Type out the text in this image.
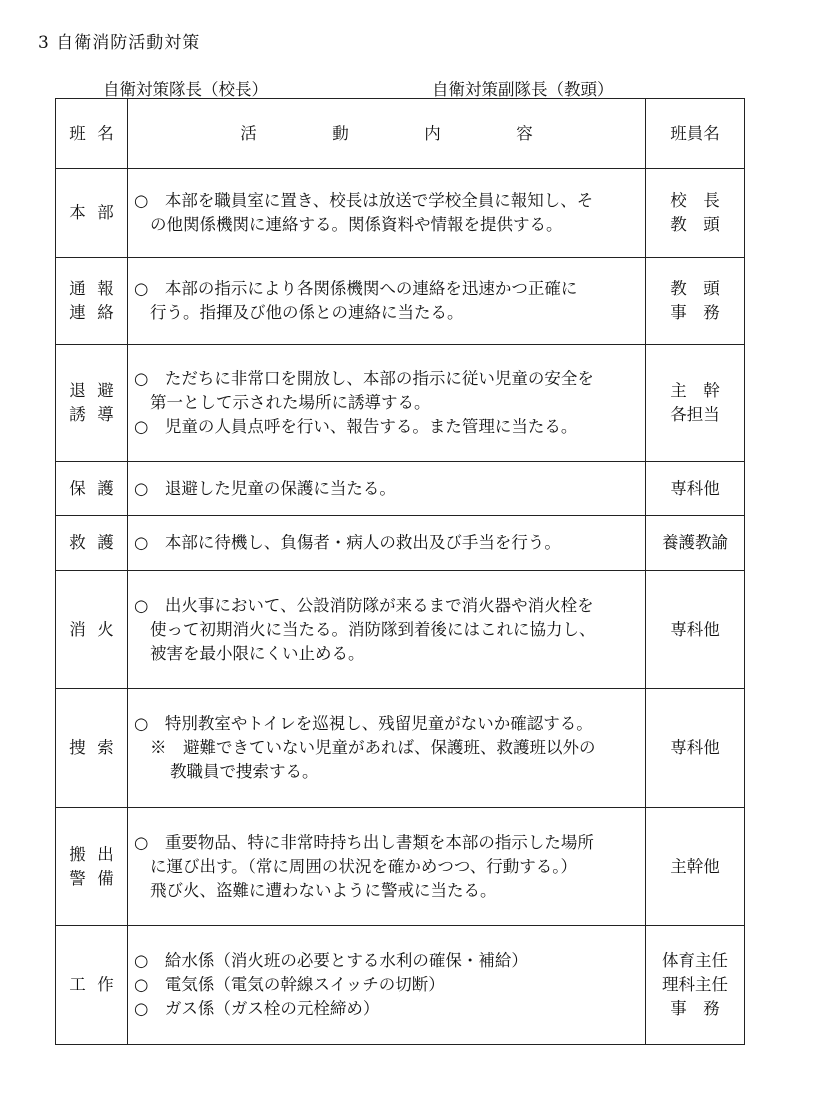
3 自衛消防活動対策
自衛対策隊長（校長）	自衛対策副隊長（教頭）
班 名	活 動 内 容	班員名

本 部	○　本部を職員室に置き、校長は放送で学校全員に報知し、そ
の他関係機関に連絡する。関係資料や情報を提供する。	校　長
教　頭

通 報
連 絡	○　本部の指示により各関係機関への連絡を迅速かつ正確に
行う。指揮及び他の係との連絡に当たる。	教　頭
事　務

退 避
誘 導	○　ただちに非常口を開放し、本部の指示に従い児童の安全を
第一として示された場所に誘導する。
○　児童の人員点呼を行い、報告する。また管理に当たる。	主　幹
各担当

保 護	○　退避した児童の保護に当たる。	専科他

救 護	○　本部に待機し、負傷者・病人の救出及び手当を行う。	養護教諭

消 火	○　出火事において、公設消防隊が来るまで消火器や消火栓を
使って初期消火に当たる。消防隊到着後にはこれに協力し、
被害を最小限にくい止める。	専科他

捜 索	○　特別教室やトイレを巡視し、残留児童がないか確認する。
※　避難できていない児童があれば、保護班、救護班以外の
教職員で捜索する。	専科他

搬 出
警 備	○　重要物品、特に非常時持ち出し書類を本部の指示した場所
に運び出す。（常に周囲の状況を確かめつつ、行動する。）
飛び火、盗難に遭わないように警戒に当たる。	主幹他

工 作	○　給水係（消火班の必要とする水利の確保・補給）
○　電気係（電気の幹線スイッチの切断）
○　ガス係（ガス栓の元栓締め）	体育主任
理科主任
事　務
